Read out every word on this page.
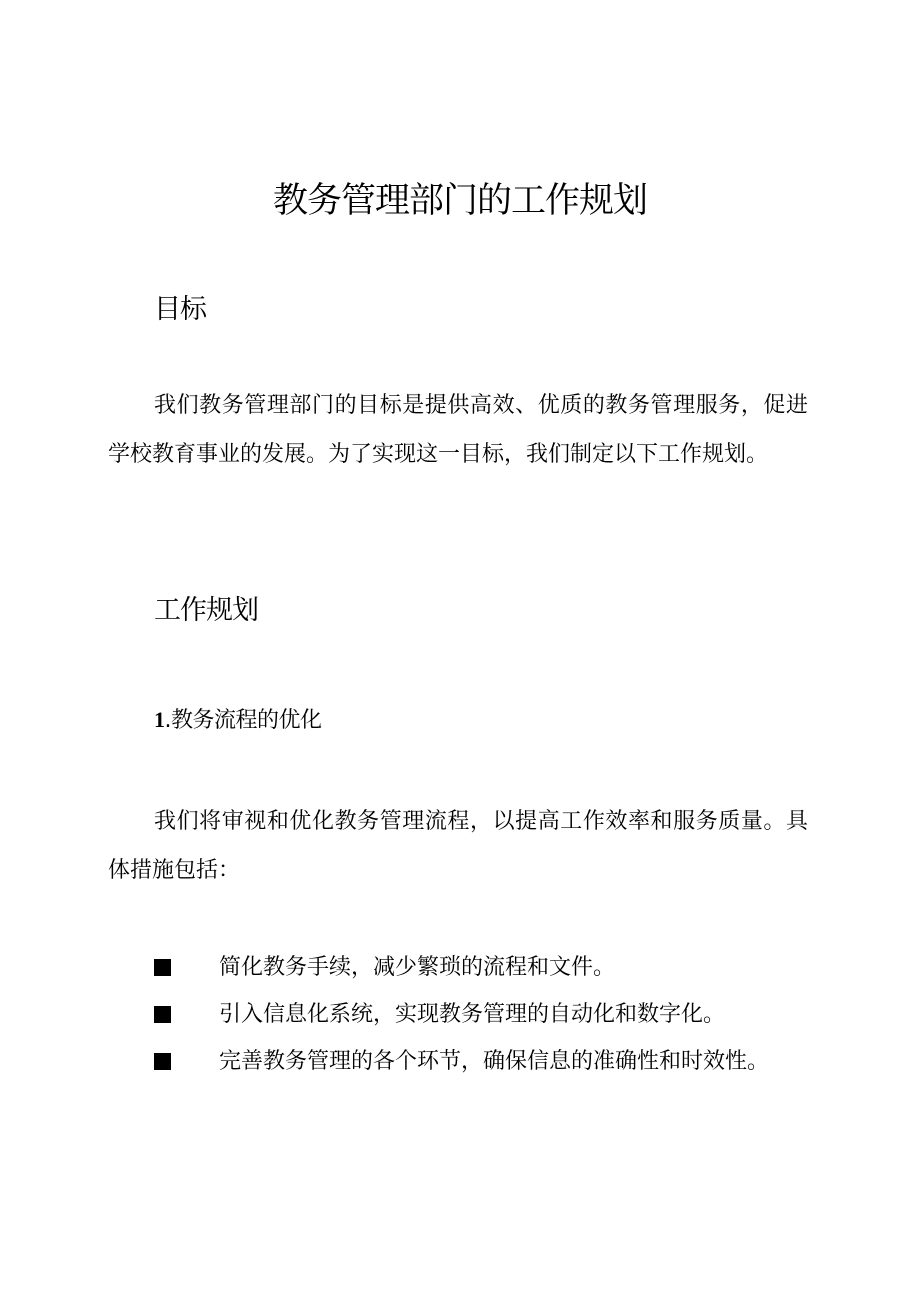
教务管理部门的工作规划
目标

我们教务管理部门的目标是提供高效、优质的教务管理服务，促进学校教育事业的发展。为了实现这一目标，我们制定以下工作规划。

工作规划
1.教务流程的优化

我们将审视和优化教务管理流程，以提高工作效率和服务质量。具体措施包括：

简化教务手续，减少繁琐的流程和文件。
引入信息化系统，实现教务管理的自动化和数字化。
完善教务管理的各个环节，确保信息的准确性和时效性。
